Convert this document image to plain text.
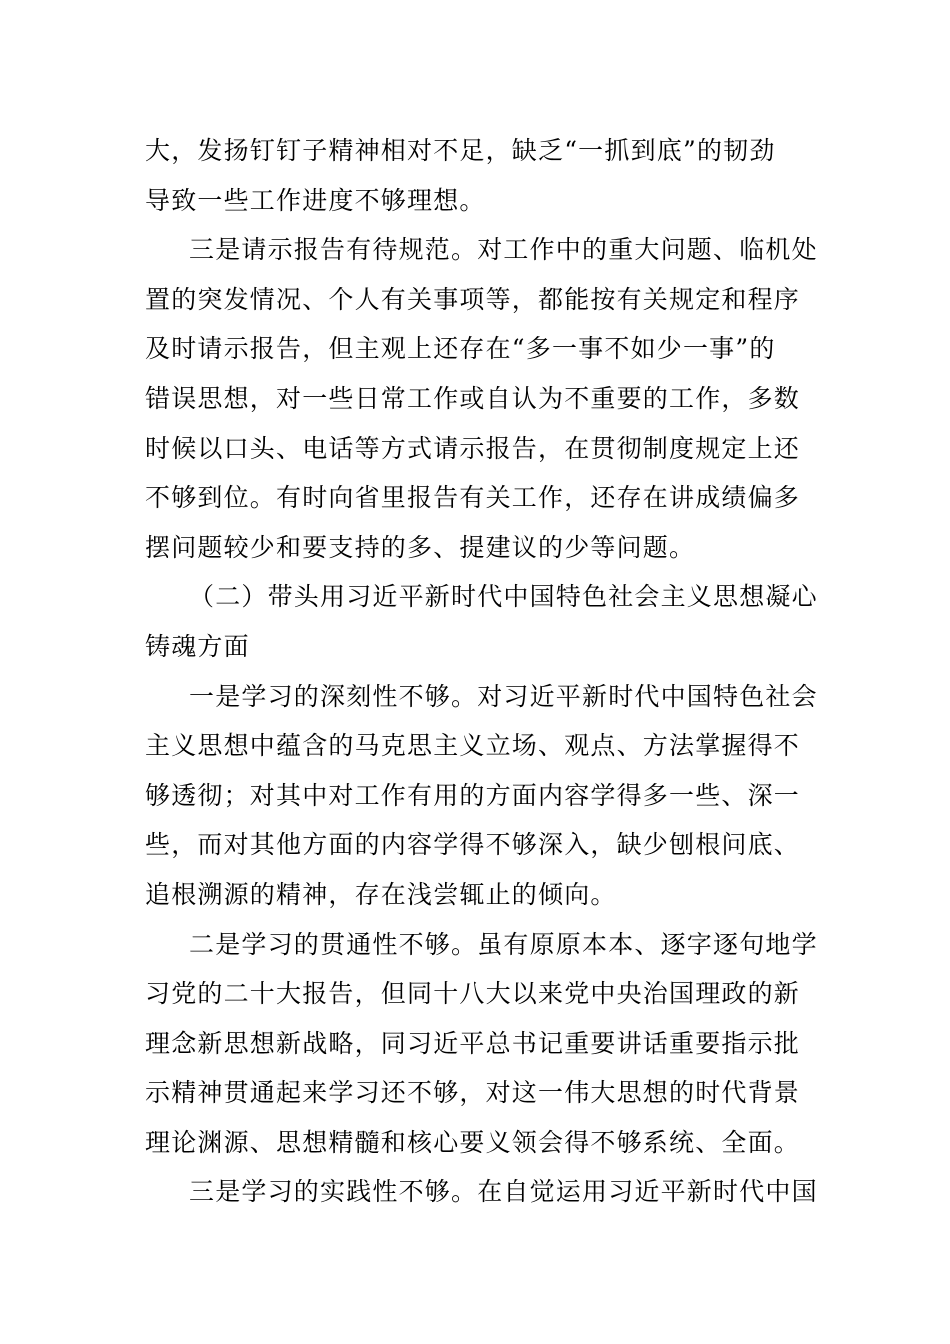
大，发扬钉钉子精神相对不足，缺乏“一抓到底”的韧劲
导致一些工作进度不够理想。

三是请示报告有待规范。对工作中的重大问题、临机处
置的突发情况、个人有关事项等，都能按有关规定和程序
及时请示报告，但主观上还存在“多一事不如少一事”的
错误思想，对一些日常工作或自认为不重要的工作，多数
时候以口头、电话等方式请示报告，在贯彻制度规定上还
不够到位。有时向省里报告有关工作，还存在讲成绩偏多
摆问题较少和要支持的多、提建议的少等问题。

（二）带头用习近平新时代中国特色社会主义思想凝心
铸魂方面

一是学习的深刻性不够。对习近平新时代中国特色社会
主义思想中蕴含的马克思主义立场、观点、方法掌握得不
够透彻；对其中对工作有用的方面内容学得多一些、深一
些，而对其他方面的内容学得不够深入，缺少刨根问底、
追根溯源的精神，存在浅尝辄止的倾向。

二是学习的贯通性不够。虽有原原本本、逐字逐句地学
习党的二十大报告，但同十八大以来党中央治国理政的新
理念新思想新战略，同习近平总书记重要讲话重要指示批
示精神贯通起来学习还不够，对这一伟大思想的时代背景
理论渊源、思想精髓和核心要义领会得不够系统、全面。

三是学习的实践性不够。在自觉运用习近平新时代中国
